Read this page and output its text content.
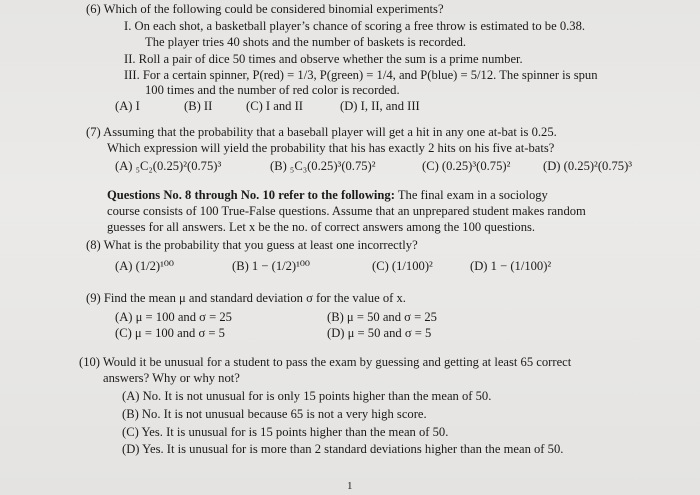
(6) Which of the following could be considered binomial experiments?
I. On each shot, a basketball player’s chance of scoring a free throw is estimated to be 0.38.
The player tries 40 shots and the number of baskets is recorded.
II. Roll a pair of dice 50 times and observe whether the sum is a prime number.
III. For a certain spinner, P(red) = 1/3, P(green) = 1/4, and P(blue) = 5/12. The spinner is spun
100 times and the number of red color is recorded.
(A) I	(B) II	(C) I and II	(D) I, II, and III
(7) Assuming that the probability that a baseball player will get a hit in any one at-bat is 0.25.
Which expression will yield the probability that his has exactly 2 hits on his five at-bats?
(A) ₅C₂(0.25)²(0.75)³	(B) ₅C₃(0.25)³(0.75)²	(C) (0.25)³(0.75)²	(D) (0.25)²(0.75)³
Questions No. 8 through No. 10 refer to the following: The final exam in a sociology
course consists of 100 True-False questions. Assume that an unprepared student makes random
guesses for all answers. Let x be the no. of correct answers among the 100 questions.
(8) What is the probability that you guess at least one incorrectly?
(A) (1/2)¹⁰⁰	(B) 1 − (1/2)¹⁰⁰	(C) (1/100)²	(D) 1 − (1/100)²
(9) Find the mean μ and standard deviation σ for the value of x.
(A) μ = 100 and σ = 25	(B) μ = 50 and σ = 25
(C) μ = 100 and σ = 5	(D) μ = 50 and σ = 5
(10) Would it be unusual for a student to pass the exam by guessing and getting at least 65 correct
answers? Why or why not?
(A) No. It is not unusual for is only 15 points higher than the mean of 50.
(B) No. It is not unusual because 65 is not a very high score.
(C) Yes. It is unusual for is 15 points higher than the mean of 50.
(D) Yes. It is unusual for is more than 2 standard deviations higher than the mean of 50.
1
